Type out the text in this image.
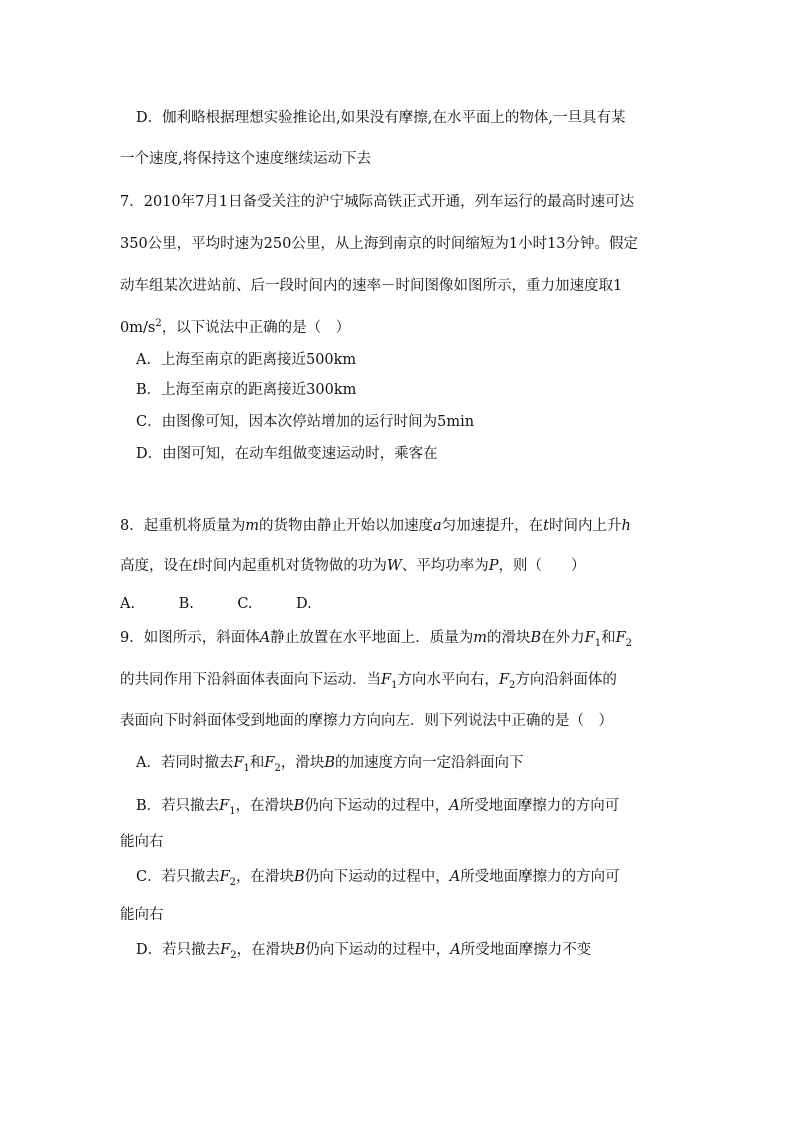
D．伽利略根据理想实验推论出,如果没有摩擦,在水平面上的物体,一旦具有某
一个速度,将保持这个速度继续运动下去
7．2010年7月1日备受关注的沪宁城际高铁正式开通，列车运行的最高时速可达
350公里，平均时速为250公里，从上海到南京的时间缩短为1小时13分钟。假定
动车组某次进站前、后一段时间内的速率－时间图像如图所示，重力加速度取1
$0m/s^2$，以下说法中正确的是（　）
A．上海至南京的距离接近500km
B．上海至南京的距离接近300km
C．由图像可知，因本次停站增加的运行时间为5min
D．由图可知，在动车组做变速运动时，乘客在
8．起重机将质量为m的货物由静止开始以加速度a匀加速提升，在t时间内上升h
高度，设在t时间内起重机对货物做的功为W、平均功率为P，则（　　）
A.　　　B.　　　C.　　　D.
9．如图所示，斜面体A静止放置在水平地面上．质量为m的滑块B在外力$F_1$和$F_2$
的共同作用下沿斜面体表面向下运动．当$F_1$方向水平向右，$F_2$方向沿斜面体的
表面向下时斜面体受到地面的摩擦力方向向左．则下列说法中正确的是（　）
A．若同时撤去$F_1$和$F_2$，滑块B的加速度方向一定沿斜面向下
B．若只撤去$F_1$，在滑块B仍向下运动的过程中，A所受地面摩擦力的方向可
能向右
C．若只撤去$F_2$，在滑块B仍向下运动的过程中，A所受地面摩擦力的方向可
能向右
D．若只撤去$F_2$，在滑块B仍向下运动的过程中，A所受地面摩擦力不变
